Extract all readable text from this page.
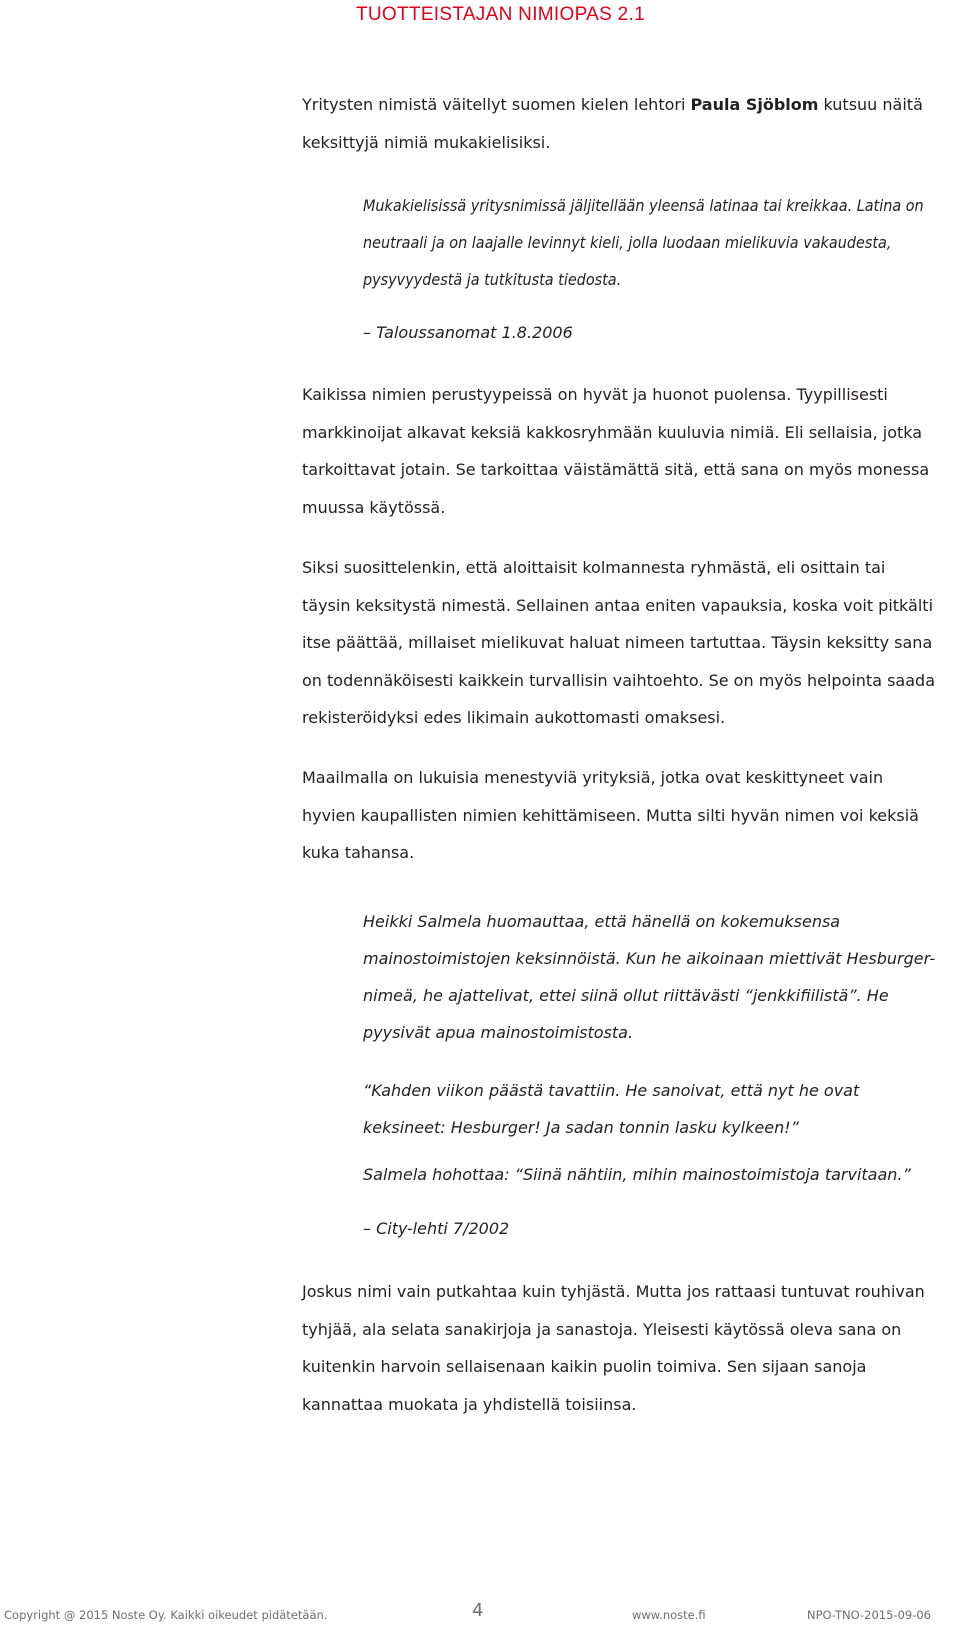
TUOTTEISTAJAN NIMIOPAS 2.1

Yritysten nimistä väitellyt suomen kielen lehtori Paula Sjöblom kutsuu näitä keksittyjä nimiä mukakielisiksi.

Mukakielisissä yritysnimissä jäljitellään yleensä latinaa tai kreikkaa. Latina on neutraali ja on laajalle levinnyt kieli, jolla luodaan mielikuvia vakaudesta, pysyvyydestä ja tutkitusta tiedosta.

– Taloussanomat 1.8.2006

Kaikissa nimien perustyypeissä on hyvät ja huonot puolensa. Tyypillisesti markkinoijat alkavat keksiä kakkosryhmään kuuluvia nimiä. Eli sellaisia, jotka tarkoittavat jotain. Se tarkoittaa väistämättä sitä, että sana on myös monessa muussa käytössä.

Siksi suosittelenkin, että aloittaisit kolmannesta ryhmästä, eli osittain tai täysin keksitystä nimestä. Sellainen antaa eniten vapauksia, koska voit pitkälti itse päättää, millaiset mielikuvat haluat nimeen tartuttaa. Täysin keksitty sana on todennäköisesti kaikkein turvallisin vaihtoehto. Se on myös helpointa saada rekisteröidyksi edes likimain aukottomasti omaksesi.

Maailmalla on lukuisia menestyviä yrityksiä, jotka ovat keskittyneet vain hyvien kaupallisten nimien kehittämiseen. Mutta silti hyvän nimen voi keksiä kuka tahansa.

Heikki Salmela huomauttaa, että hänellä on kokemuksensa mainostoimistojen keksinnöistä. Kun he aikoinaan miettivät Hesburger-nimeä, he ajattelivat, ettei siinä ollut riittävästi “jenkkifiilistä”. He pyysivät apua mainostoimistosta.

“Kahden viikon päästä tavattiin. He sanoivat, että nyt he ovat keksineet: Hesburger! Ja sadan tonnin lasku kylkeen!”

Salmela hohottaa: “Siinä nähtiin, mihin mainostoimistoja tarvitaan.”

– City-lehti 7/2002

Joskus nimi vain putkahtaa kuin tyhjästä. Mutta jos rattaasi tuntuvat rouhivan tyhjää, ala selata sanakirjoja ja sanastoja. Yleisesti käytössä oleva sana on kuitenkin harvoin sellaisenaan kaikin puolin toimiva. Sen sijaan sanoja kannattaa muokata ja yhdistellä toisiinsa.

Copyright @ 2015 Noste Oy. Kaikki oikeudet pidätetään.	4	www.noste.fi	NPO-TNO-2015-09-06
